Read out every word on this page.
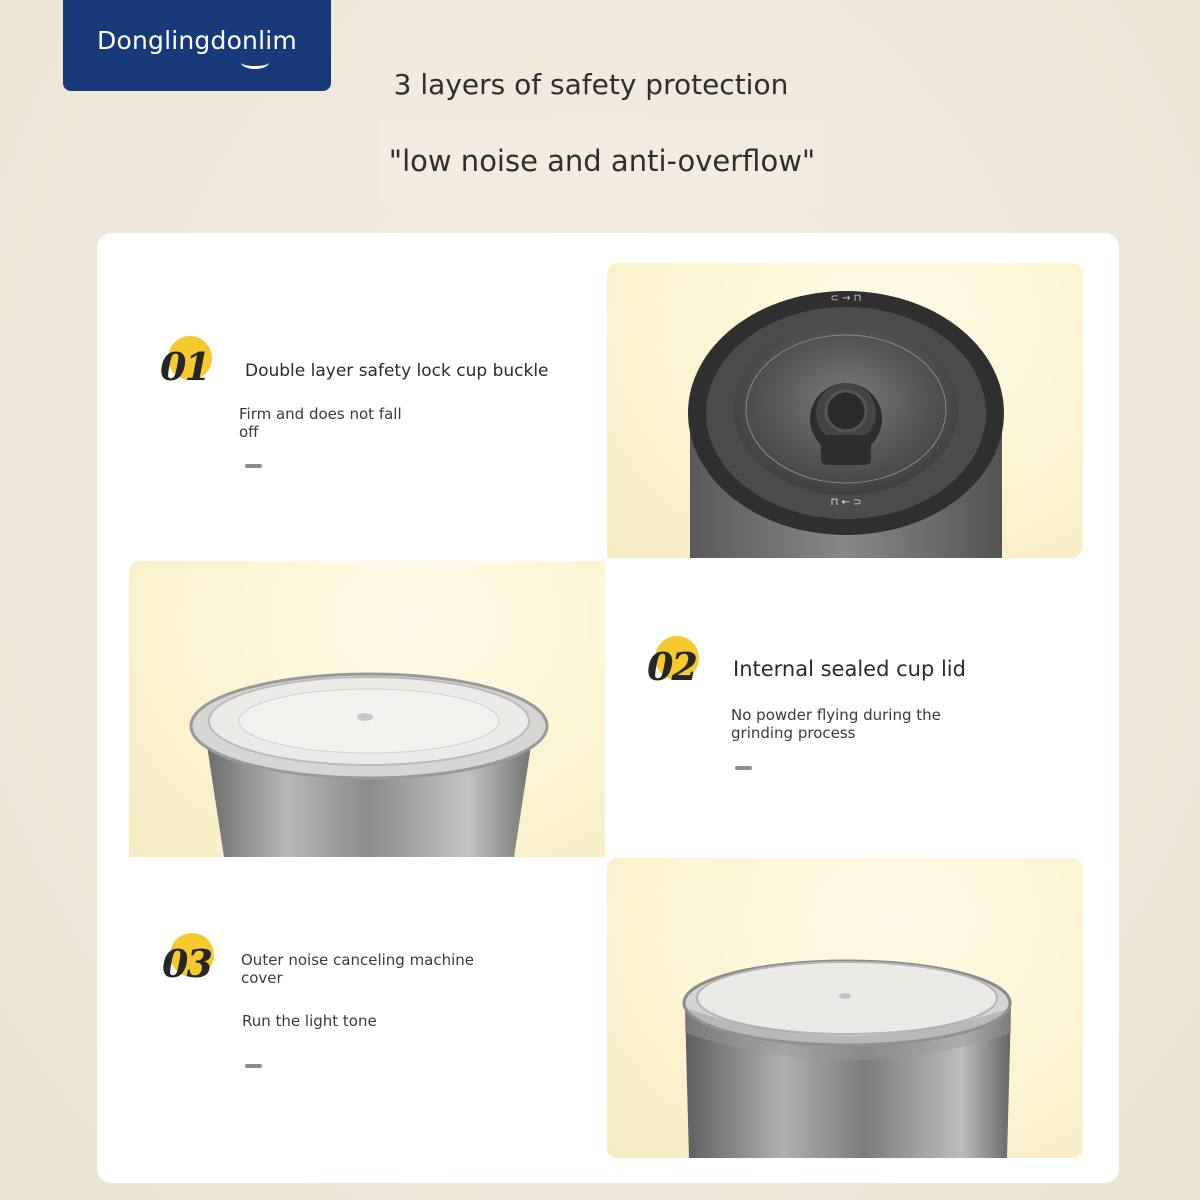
Donglingdonlim
3 layers of safety protection
"low noise and anti-overflow"
⊂ → ⊓
⊓ ← ⊃
01 Double layer safety lock cup buckle
Firm and does not fall off
02 Internal sealed cup lid
No powder flying during the grinding process
03 Outer noise canceling machine cover
Run the light tone
